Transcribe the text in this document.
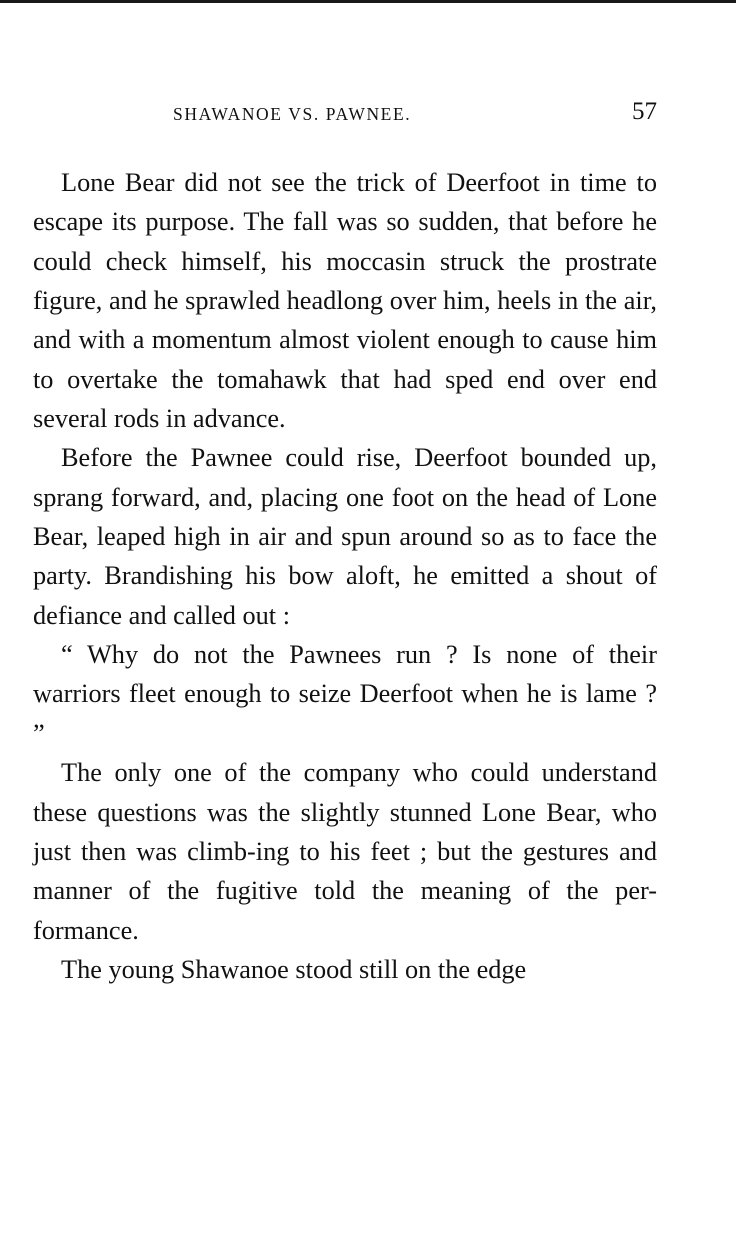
SHAWANOE VS. PAWNEE.	57

Lone Bear did not see the trick of Deerfoot in time to escape its purpose. The fall was so sudden, that before he could check himself, his moccasin struck the prostrate figure, and he sprawled headlong over him, heels in the air, and with a momentum almost violent enough to cause him to overtake the tomahawk that had sped end over end several rods in advance.

Before the Pawnee could rise, Deerfoot bounded up, sprang forward, and, placing one foot on the head of Lone Bear, leaped high in air and spun around so as to face the party. Brandishing his bow aloft, he emitted a shout of defiance and called out :

“ Why do not the Pawnees run ? Is none of their warriors fleet enough to seize Deerfoot when he is lame ? ”

The only one of the company who could understand these questions was the slightly stunned Lone Bear, who just then was climb-ing to his feet ; but the gestures and manner of the fugitive told the meaning of the per-formance.

The young Shawanoe stood still on the edge
